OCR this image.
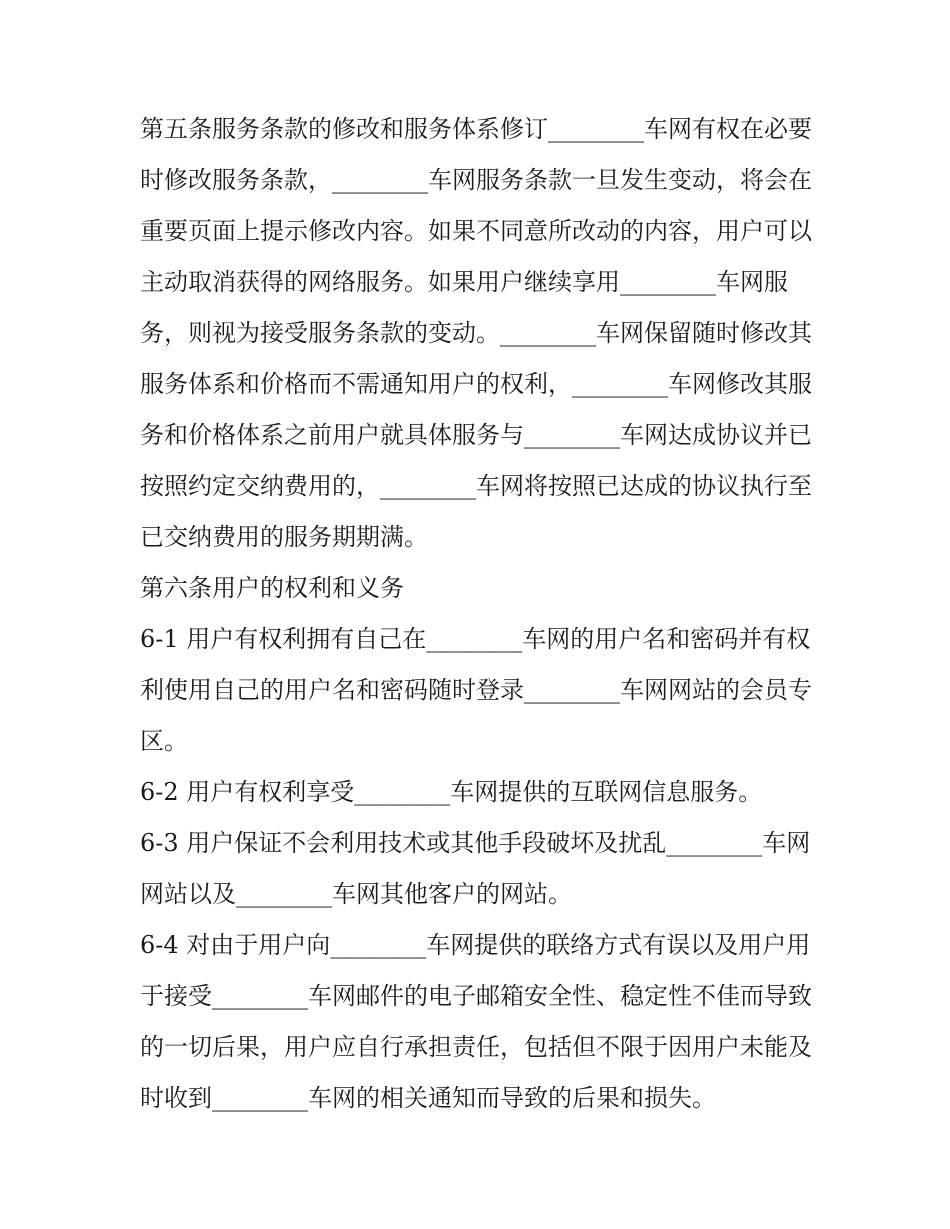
第五条服务条款的修改和服务体系修订________车网有权在必要时修改服务条款，________车网服务条款一旦发生变动，将会在重要页面上提示修改内容。如果不同意所改动的内容，用户可以主动取消获得的网络服务。如果用户继续享用________车网服务，则视为接受服务条款的变动。________车网保留随时修改其服务体系和价格而不需通知用户的权利，________车网修改其服务和价格体系之前用户就具体服务与________车网达成协议并已按照约定交纳费用的，________车网将按照已达成的协议执行至已交纳费用的服务期期满。

第六条用户的权利和义务

6-1 用户有权利拥有自己在________车网的用户名和密码并有权利使用自己的用户名和密码随时登录________车网网站的会员专区。

6-2 用户有权利享受________车网提供的互联网信息服务。

6-3 用户保证不会利用技术或其他手段破坏及扰乱________车网网站以及________车网其他客户的网站。

6-4 对由于用户向________车网提供的联络方式有误以及用户用于接受________车网邮件的电子邮箱安全性、稳定性不佳而导致的一切后果，用户应自行承担责任，包括但不限于因用户未能及时收到________车网的相关通知而导致的后果和损失。
